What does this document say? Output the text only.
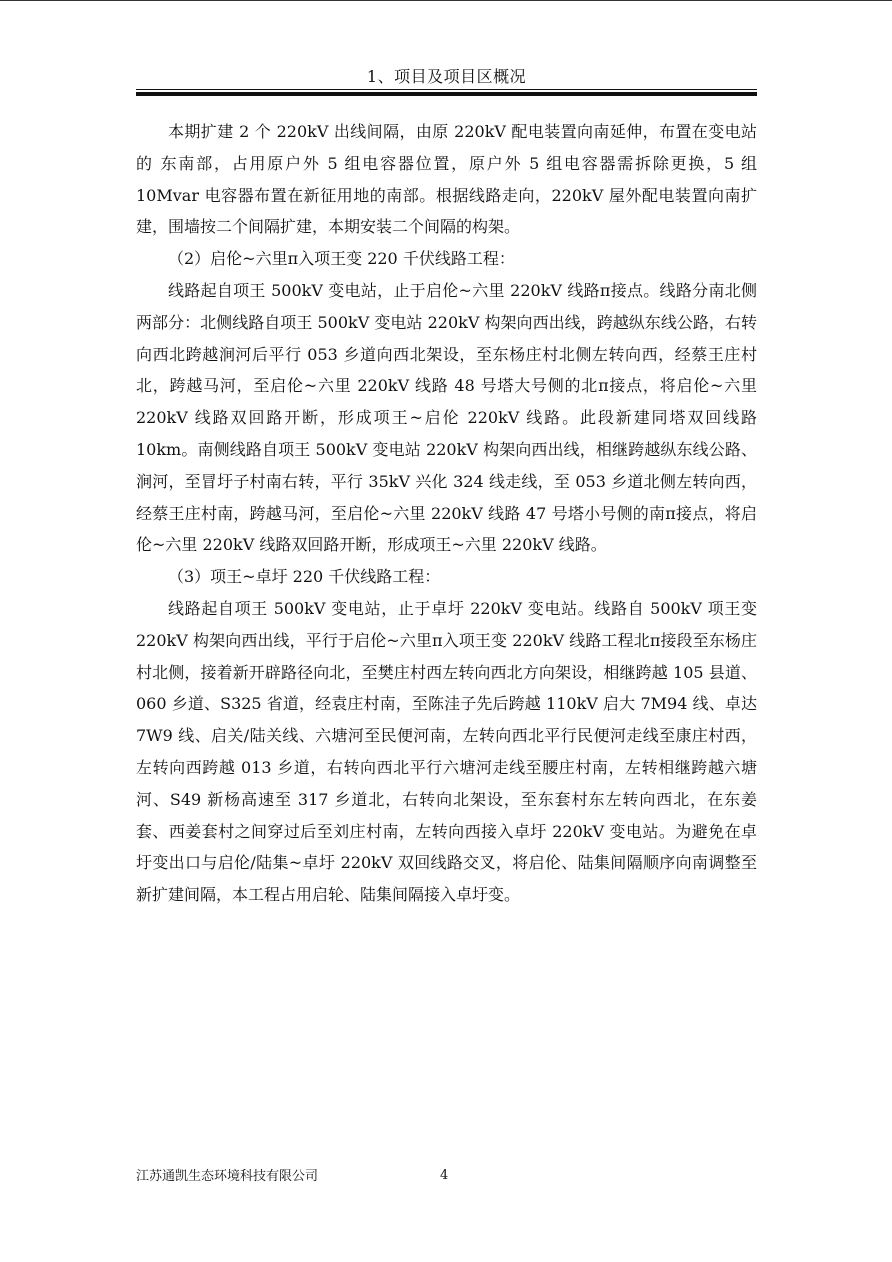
1、项目及项目区概况

本期扩建 2 个 220kV 出线间隔，由原 220kV 配电装置向南延伸，布置在变电站的 东南部，占用原户外 5 组电容器位置，原户外 5 组电容器需拆除更换，5 组 10Mvar 电容器布置在新征用地的南部。根据线路走向，220kV 屋外配电装置向南扩建，围墙按二个间隔扩建，本期安装二个间隔的构架。

（2）启伦~六里π入项王变 220 千伏线路工程：

线路起自项王 500kV 变电站，止于启伦~六里 220kV 线路π接点。线路分南北侧两部分：北侧线路自项王 500kV 变电站 220kV 构架向西出线，跨越纵东线公路，右转向西北跨越涧河后平行 053 乡道向西北架设，至东杨庄村北侧左转向西，经蔡王庄村北，跨越马河，至启伦~六里 220kV 线路 48 号塔大号侧的北π接点，将启伦~六里 220kV 线路双回路开断，形成项王~启伦 220kV 线路。此段新建同塔双回线路 10km。南侧线路自项王 500kV 变电站 220kV 构架向西出线，相继跨越纵东线公路、涧河，至冒圩子村南右转，平行 35kV 兴化 324 线走线，至 053 乡道北侧左转向西，经蔡王庄村南，跨越马河，至启伦~六里 220kV 线路 47 号塔小号侧的南π接点，将启伦~六里 220kV 线路双回路开断，形成项王~六里 220kV 线路。

（3）项王~卓圩 220 千伏线路工程：

线路起自项王 500kV 变电站，止于卓圩 220kV 变电站。线路自 500kV 项王变 220kV 构架向西出线，平行于启伦~六里π入项王变 220kV 线路工程北π接段至东杨庄村北侧，接着新开辟路径向北，至樊庄村西左转向西北方向架设，相继跨越 105 县道、060 乡道、S325 省道，经袁庄村南，至陈洼子先后跨越 110kV 启大 7M94 线、卓达 7W9 线、启关/陆关线、六塘河至民便河南，左转向西北平行民便河走线至康庄村西，左转向西跨越 013 乡道，右转向西北平行六塘河走线至腰庄村南，左转相继跨越六塘河、S49 新杨高速至 317 乡道北，右转向北架设，至东套村东左转向西北，在东姜套、西姜套村之间穿过后至刘庄村南，左转向西接入卓圩 220kV 变电站。为避免在卓圩变出口与启伦/陆集~卓圩 220kV 双回线路交叉，将启伦、陆集间隔顺序向南调整至新扩建间隔，本工程占用启轮、陆集间隔接入卓圩变。

江苏通凯生态环境科技有限公司	4
